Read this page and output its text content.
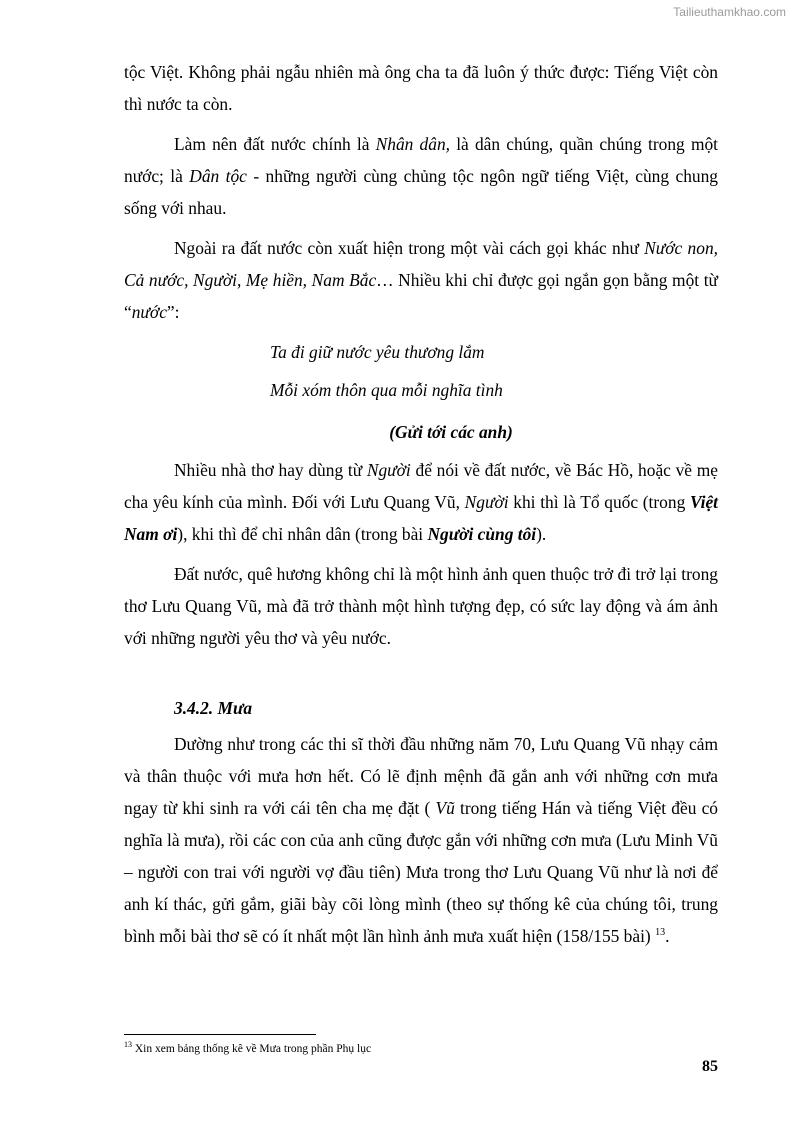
Tailieuthamkhao.com

tộc Việt. Không phải ngẫu nhiên mà ông cha ta đã luôn ý thức được: Tiếng Việt còn thì nước ta còn.

Làm nên đất nước chính là Nhân dân, là dân chúng, quần chúng trong một nước; là Dân tộc - những người cùng chủng tộc ngôn ngữ tiếng Việt, cùng chung sống với nhau.

Ngoài ra đất nước còn xuất hiện trong một vài cách gọi khác như Nước non, Cả nước, Người, Mẹ hiền, Nam Bắc… Nhiều khi chỉ được gọi ngắn gọn bằng một từ “nước”:

Ta đi giữ nước yêu thương lắm

Mỗi xóm thôn qua mỗi nghĩa tình

(Gửi tới các anh)

Nhiều nhà thơ hay dùng từ Người để nói về đất nước, về Bác Hồ, hoặc về mẹ cha yêu kính của mình. Đối với Lưu Quang Vũ, Người khi thì là Tổ quốc (trong Việt Nam ơi), khi thì để chỉ nhân dân (trong bài Người cùng tôi).

Đất nước, quê hương không chỉ là một hình ảnh quen thuộc trở đi trở lại trong thơ Lưu Quang Vũ, mà đã trở thành một hình tượng đẹp, có sức lay động và ám ảnh với những người yêu thơ và yêu nước.

3.4.2. Mưa

Dường như trong các thi sĩ thời đầu những năm 70, Lưu Quang Vũ nhạy cảm và thân thuộc với mưa hơn hết. Có lẽ định mệnh đã gắn anh với những cơn mưa ngay từ khi sinh ra với cái tên cha mẹ đặt ( Vũ trong tiếng Hán và tiếng Việt đều có nghĩa là mưa), rồi các con của anh cũng được gắn với những cơn mưa (Lưu Minh Vũ – người con trai với người vợ đầu tiên) Mưa trong thơ Lưu Quang Vũ như là nơi để anh kí thác, gửi gắm, giãi bày cõi lòng mình (theo sự thống kê của chúng tôi, trung bình mỗi bài thơ sẽ có ít nhất một lần hình ảnh mưa xuất hiện (158/155 bài) $^{13}$.

$^{13}$ Xin xem bảng thống kê về Mưa trong phần Phụ lục
85
